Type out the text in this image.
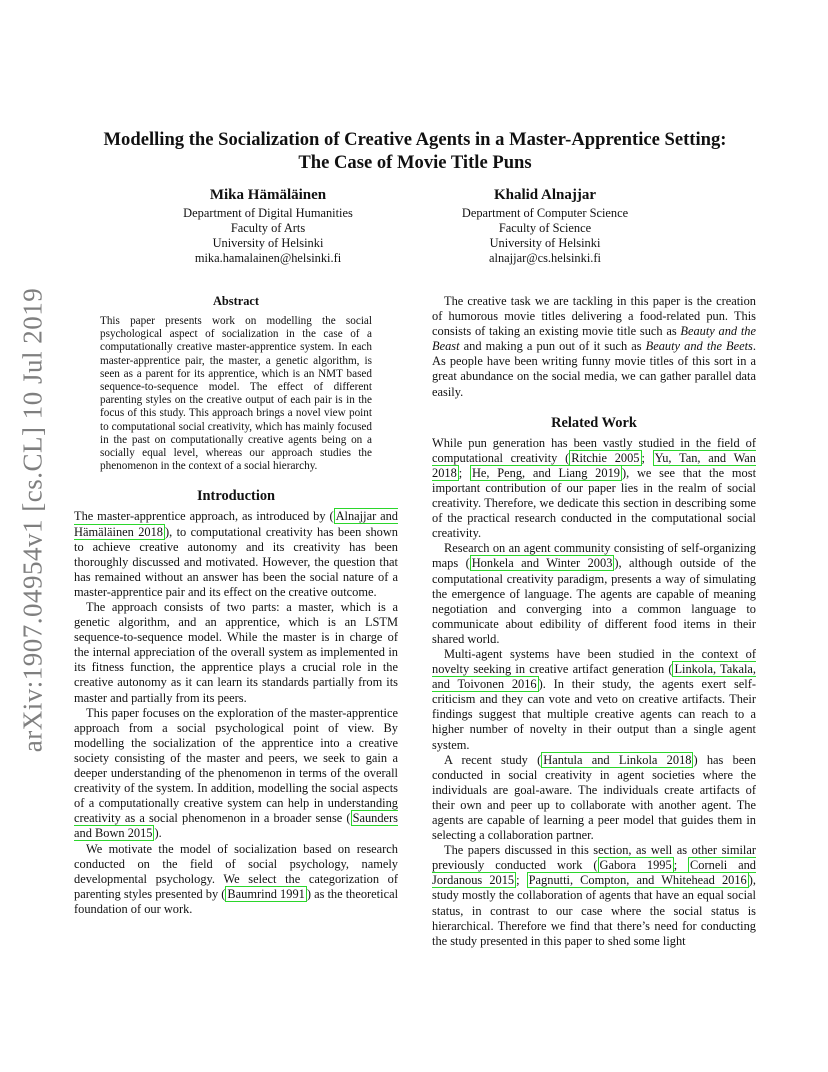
arXiv:1907.04954v1 [cs.CL] 10 Jul 2019
Modelling the Socialization of Creative Agents in a Master-Apprentice Setting:
The Case of Movie Title Puns
Mika Hämäläinen
Department of Digital Humanities
Faculty of Arts
University of Helsinki
mika.hamalainen@helsinki.fi
Khalid Alnajjar
Department of Computer Science
Faculty of Science
University of Helsinki
alnajjar@cs.helsinki.fi
Abstract
This paper presents work on modelling the social psychological aspect of socialization in the case of a computationally creative master-apprentice system. In each master-apprentice pair, the master, a genetic algorithm, is seen as a parent for its apprentice, which is an NMT based sequence-to-sequence model. The effect of different parenting styles on the creative output of each pair is in the focus of this study. This approach brings a novel view point to computational social creativity, which has mainly focused in the past on computationally creative agents being on a socially equal level, whereas our approach studies the phenomenon in the context of a social hierarchy.
Introduction

The master-apprentice approach, as introduced by ( Alnajjar and Hämäläinen 2018 ), to computational creativity has been shown to achieve creative autonomy and its creativity has been thoroughly discussed and motivated. However, the question that has remained without an answer has been the social nature of a master-apprentice pair and its effect on the creative outcome.

The approach consists of two parts: a master, which is a genetic algorithm, and an apprentice, which is an LSTM sequence-to-sequence model. While the master is in charge of the internal appreciation of the overall system as implemented in its fitness function, the apprentice plays a crucial role in the creative autonomy as it can learn its standards partially from its master and partially from its peers.

This paper focuses on the exploration of the master-apprentice approach from a social psychological point of view. By modelling the socialization of the apprentice into a creative society consisting of the master and peers, we seek to gain a deeper understanding of the phenomenon in terms of the overall creativity of the system. In addition, modelling the social aspects of a computationally creative system can help in understanding creativity as a social phenomenon in a broader sense ( Saunders and Bown 2015 ).

We motivate the model of socialization based on research conducted on the field of social psychology, namely developmental psychology. We select the categorization of parenting styles presented by ( Baumrind 1991 ) as the theoretical foundation of our work.

The creative task we are tackling in this paper is the creation of humorous movie titles delivering a food-related pun. This consists of taking an existing movie title such as Beauty and the Beast and making a pun out of it such as Beauty and the Beets. As people have been writing funny movie titles of this sort in a great abundance on the social media, we can gather parallel data easily.

Related Work

While pun generation has been vastly studied in the field of computational creativity ( Ritchie 2005 ; Yu, Tan, and Wan 2018 ; He, Peng, and Liang 2019 ), we see that the most important contribution of our paper lies in the realm of social creativity. Therefore, we dedicate this section in describing some of the practical research conducted in the computational social creativity.

Research on an agent community consisting of self-organizing maps ( Honkela and Winter 2003 ), although outside of the computational creativity paradigm, presents a way of simulating the emergence of language. The agents are capable of meaning negotiation and converging into a common language to communicate about edibility of different food items in their shared world.

Multi-agent systems have been studied in the context of novelty seeking in creative artifact generation ( Linkola, Takala, and Toivonen 2016 ). In their study, the agents exert self-criticism and they can vote and veto on creative artifacts. Their findings suggest that multiple creative agents can reach to a higher number of novelty in their output than a single agent system.

A recent study ( Hantula and Linkola 2018 ) has been conducted in social creativity in agent societies where the individuals are goal-aware. The individuals create artifacts of their own and peer up to collaborate with another agent. The agents are capable of learning a peer model that guides them in selecting a collaboration partner.

The papers discussed in this section, as well as other similar previously conducted work ( Gabora 1995 ; Corneli and Jordanous 2015 ; Pagnutti, Compton, and Whitehead 2016 ), study mostly the collaboration of agents that have an equal social status, in contrast to our case where the social status is hierarchical. Therefore we find that there’s need for conducting the study presented in this paper to shed some light
